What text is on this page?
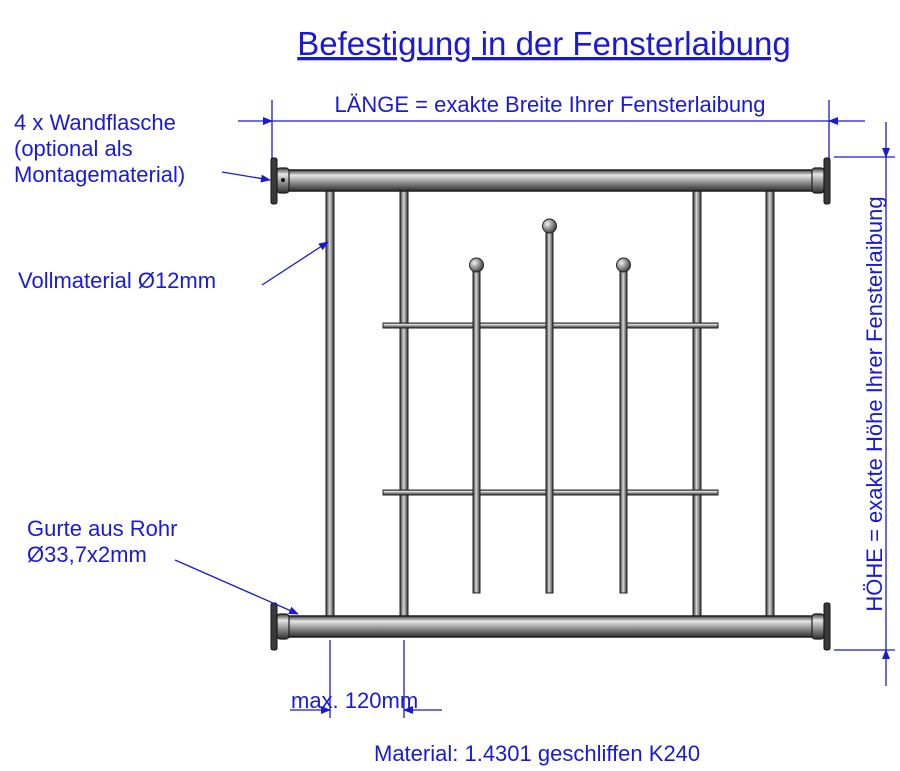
Befestigung in der Fensterlaibung
LÄNGE = exakte Breite Ihrer Fensterlaibung
HÖHE = exakte Höhe Ihrer Fensterlaibung
4 x Wandflasche
(optional als
Montagematerial)
Vollmaterial Ø12mm
Gurte aus Rohr
Ø33,7x2mm
max. 120mm
Material: 1.4301 geschliffen K240
